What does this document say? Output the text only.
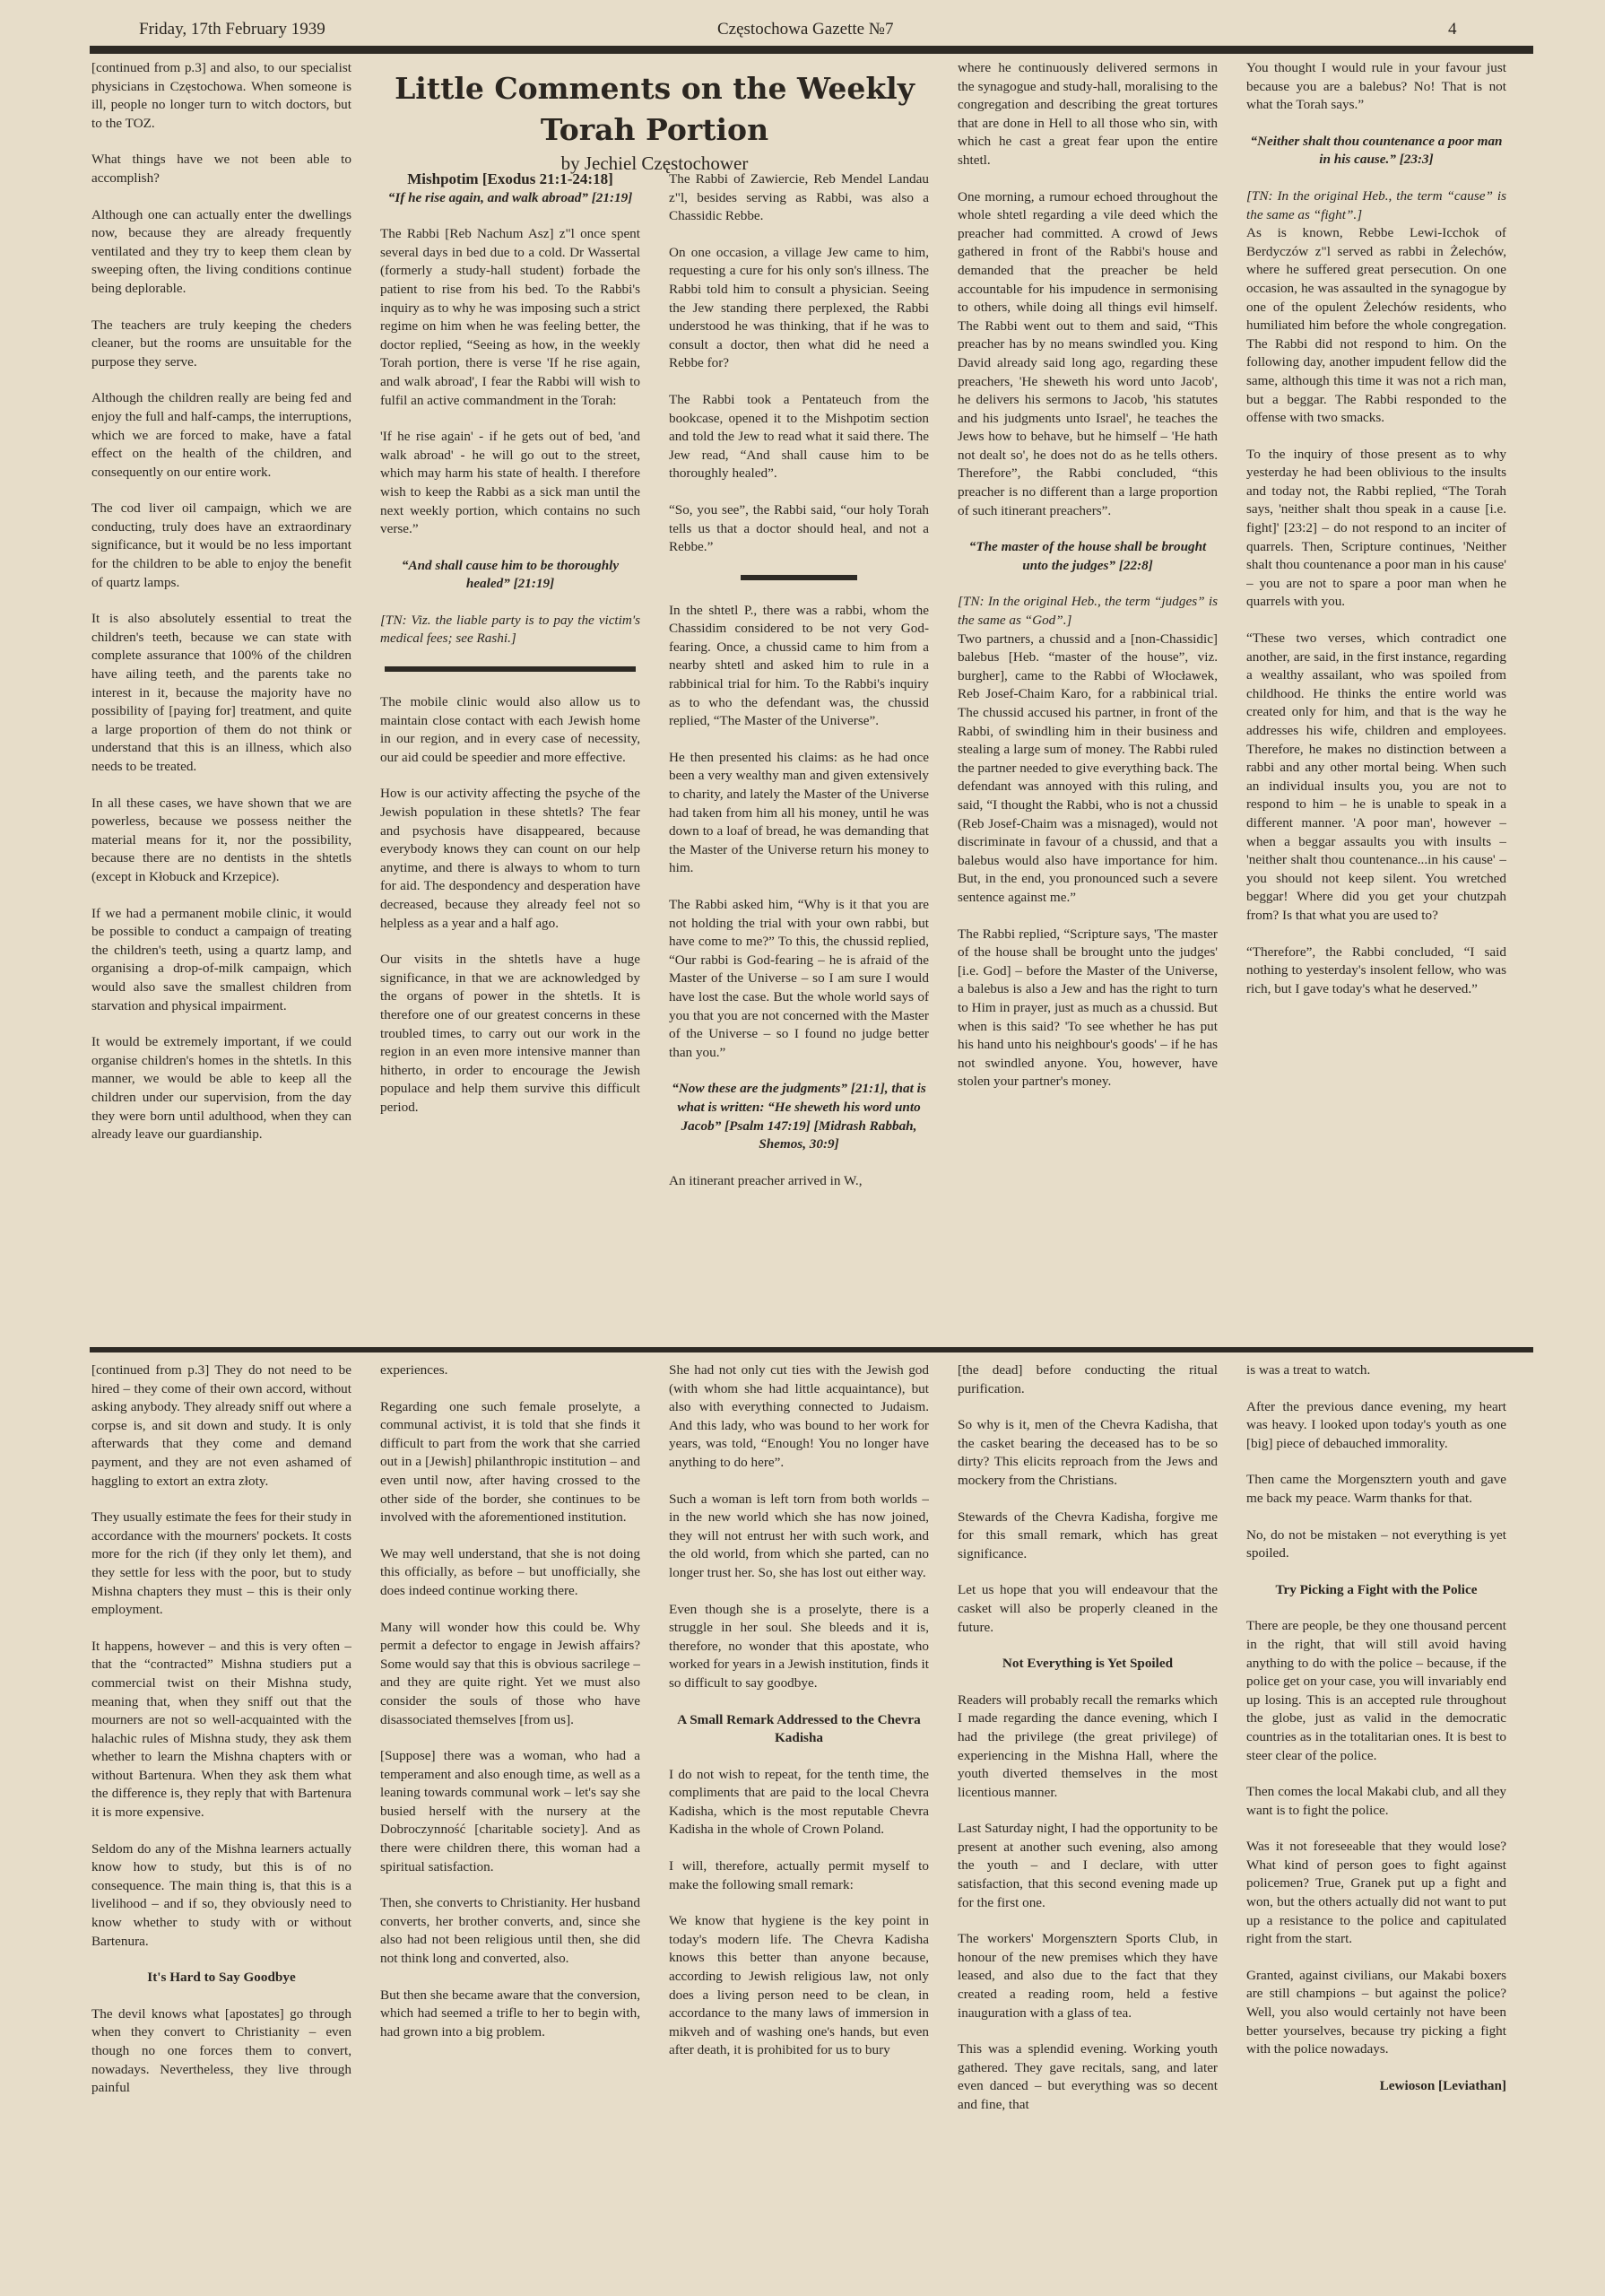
Friday, 17th February 1939	Częstochowa Gazette №7	4

[continued from p.3] and also, to our specialist physicians in Częstochowa. When someone is ill, people no longer turn to witch doctors, but to the TOZ.

What things have we not been able to accomplish?

Although one can actually enter the dwellings now, because they are already frequently ventilated and they try to keep them clean by sweeping often, the living conditions continue being deplorable.

The teachers are truly keeping the cheders cleaner, but the rooms are unsuitable for the purpose they serve.

Although the children really are being fed and enjoy the full and half-camps, the interruptions, which we are forced to make, have a fatal effect on the health of the children, and consequently on our entire work.

The cod liver oil campaign, which we are conducting, truly does have an extraordinary significance, but it would be no less important for the children to be able to enjoy the benefit of quartz lamps.

It is also absolutely essential to treat the children's teeth, because we can state with complete assurance that 100% of the children have ailing teeth, and the parents take no interest in it, because the majority have no possibility of [paying for] treatment, and quite a large proportion of them do not think or understand that this is an illness, which also needs to be treated.

In all these cases, we have shown that we are powerless, because we possess neither the material means for it, nor the possibility, because there are no dentists in the shtetls (except in Kłobuck and Krzepice).

If we had a permanent mobile clinic, it would be possible to conduct a campaign of treating the children's teeth, using a quartz lamp, and organising a drop-of-milk campaign, which would also save the smallest children from starvation and physical impairment.

It would be extremely important, if we could organise children's homes in the shtetls. In this manner, we would be able to keep all the children under our supervision, from the day they were born until adulthood, when they can already leave our guardianship.

Little Comments on the Weekly Torah Portion
by Jechiel Częstochower
Mishpotim [Exodus 21:1-24:18]

“If he rise again, and walk abroad” [21:19]

The Rabbi [Reb Nachum Asz] z"l once spent several days in bed due to a cold. Dr Wassertal (formerly a study-hall student) forbade the patient to rise from his bed. To the Rabbi's inquiry as to why he was imposing such a strict regime on him when he was feeling better, the doctor replied, “Seeing as how, in the weekly Torah portion, there is verse 'If he rise again, and walk abroad', I fear the Rabbi will wish to fulfil an active commandment in the Torah:

'If he rise again' - if he gets out of bed, 'and walk abroad' - he will go out to the street, which may harm his state of health. I therefore wish to keep the Rabbi as a sick man until the next weekly portion, which contains no such verse.”

“And shall cause him to be thoroughly healed” [21:19]

[TN: Viz. the liable party is to pay the victim's medical fees; see Rashi.]

The mobile clinic would also allow us to maintain close contact with each Jewish home in our region, and in every case of necessity, our aid could be speedier and more effective.

How is our activity affecting the psyche of the Jewish population in these shtetls? The fear and psychosis have disappeared, because everybody knows they can count on our help anytime, and there is always to whom to turn for aid. The despondency and desperation have decreased, because they already feel not so helpless as a year and a half ago.

Our visits in the shtetls have a huge significance, in that we are acknowledged by the organs of power in the shtetls. It is therefore one of our greatest concerns in these troubled times, to carry out our work in the region in an even more intensive manner than hitherto, in order to encourage the Jewish populace and help them survive this difficult period.

The Rabbi of Zawiercie, Reb Mendel Landau z"l, besides serving as Rabbi, was also a Chassidic Rebbe.

On one occasion, a village Jew came to him, requesting a cure for his only son's illness. The Rabbi told him to consult a physician. Seeing the Jew standing there perplexed, the Rabbi understood he was thinking, that if he was to consult a doctor, then what did he need a Rebbe for?

The Rabbi took a Pentateuch from the bookcase, opened it to the Mishpotim section and told the Jew to read what it said there. The Jew read, “And shall cause him to be thoroughly healed”.

“So, you see”, the Rabbi said, “our holy Torah tells us that a doctor should heal, and not a Rebbe.”

In the shtetl P., there was a rabbi, whom the Chassidim considered to be not very God-fearing. Once, a chussid came to him from a nearby shtetl and asked him to rule in a rabbinical trial for him. To the Rabbi's inquiry as to who the defendant was, the chussid replied, “The Master of the Universe”.

He then presented his claims: as he had once been a very wealthy man and given extensively to charity, and lately the Master of the Universe had taken from him all his money, until he was down to a loaf of bread, he was demanding that the Master of the Universe return his money to him.

The Rabbi asked him, “Why is it that you are not holding the trial with your own rabbi, but have come to me?” To this, the chussid replied, “Our rabbi is God-fearing – he is afraid of the Master of the Universe – so I am sure I would have lost the case. But the whole world says of you that you are not concerned with the Master of the Universe – so I found no judge better than you.”

“Now these are the judgments” [21:1], that is what is written: “He sheweth his word unto Jacob” [Psalm 147:19] [Midrash Rabbah, Shemos, 30:9]

An itinerant preacher arrived in W.,

where he continuously delivered sermons in the synagogue and study-hall, moralising to the congregation and describing the great tortures that are done in Hell to all those who sin, with which he cast a great fear upon the entire shtetl.

One morning, a rumour echoed throughout the whole shtetl regarding a vile deed which the preacher had committed. A crowd of Jews gathered in front of the Rabbi's house and demanded that the preacher be held accountable for his impudence in sermonising to others, while doing all things evil himself. The Rabbi went out to them and said, “This preacher has by no means swindled you. King David already said long ago, regarding these preachers, 'He sheweth his word unto Jacob', he delivers his sermons to Jacob, 'his statutes and his judgments unto Israel', he teaches the Jews how to behave, but he himself – 'He hath not dealt so', he does not do as he tells others. Therefore”, the Rabbi concluded, “this preacher is no different than a large proportion of such itinerant preachers”.

“The master of the house shall be brought unto the judges” [22:8]

[TN: In the original Heb., the term “judges” is the same as “God”.]

Two partners, a chussid and a [non-Chassidic] balebus [Heb. “master of the house”, viz. burgher], came to the Rabbi of Włocławek, Reb Josef-Chaim Karo, for a rabbinical trial. The chussid accused his partner, in front of the Rabbi, of swindling him in their business and stealing a large sum of money. The Rabbi ruled the partner needed to give everything back. The defendant was annoyed with this ruling, and said, “I thought the Rabbi, who is not a chussid (Reb Josef-Chaim was a misnaged), would not discriminate in favour of a chussid, and that a balebus would also have importance for him. But, in the end, you pronounced such a severe sentence against me.”

The Rabbi replied, “Scripture says, 'The master of the house shall be brought unto the judges' [i.e. God] – before the Master of the Universe, a balebus is also a Jew and has the right to turn to Him in prayer, just as much as a chussid. But when is this said? 'To see whether he has put his hand unto his neighbour's goods' – if he has not swindled anyone. You, however, have stolen your partner's money.

You thought I would rule in your favour just because you are a balebus? No! That is not what the Torah says.”

“Neither shalt thou countenance a poor man in his cause.” [23:3]

[TN: In the original Heb., the term “cause” is the same as “fight”.]

As is known, Rebbe Lewi-Icchok of Berdyczów z"l served as rabbi in Żelechów, where he suffered great persecution. On one occasion, he was assaulted in the synagogue by one of the opulent Żelechów residents, who humiliated him before the whole congregation. The Rabbi did not respond to him. On the following day, another impudent fellow did the same, although this time it was not a rich man, but a beggar. The Rabbi responded to the offense with two smacks.

To the inquiry of those present as to why yesterday he had been oblivious to the insults and today not, the Rabbi replied, “The Torah says, 'neither shalt thou speak in a cause [i.e. fight]' [23:2] – do not respond to an inciter of quarrels. Then, Scripture continues, 'Neither shalt thou countenance a poor man in his cause' – you are not to spare a poor man when he quarrels with you.

“These two verses, which contradict one another, are said, in the first instance, regarding a wealthy assailant, who was spoiled from childhood. He thinks the entire world was created only for him, and that is the way he addresses his wife, children and employees. Therefore, he makes no distinction between a rabbi and any other mortal being. When such an individual insults you, you are not to respond to him – he is unable to speak in a different manner. 'A poor man', however – when a beggar assaults you with insults – 'neither shalt thou countenance...in his cause' – you should not keep silent. You wretched beggar! Where did you get your chutzpah from? Is that what you are used to?

“Therefore”, the Rabbi concluded, “I said nothing to yesterday's insolent fellow, who was rich, but I gave today's what he deserved.”

[continued from p.3] They do not need to be hired – they come of their own accord, without asking anybody. They already sniff out where a corpse is, and sit down and study. It is only afterwards that they come and demand payment, and they are not even ashamed of haggling to extort an extra złoty.

They usually estimate the fees for their study in accordance with the mourners' pockets. It costs more for the rich (if they only let them), and they settle for less with the poor, but to study Mishna chapters they must – this is their only employment.

It happens, however – and this is very often – that the “contracted” Mishna studiers put a commercial twist on their Mishna study, meaning that, when they sniff out that the mourners are not so well-acquainted with the halachic rules of Mishna study, they ask them whether to learn the Mishna chapters with or without Bartenura. When they ask them what the difference is, they reply that with Bartenura it is more expensive.

Seldom do any of the Mishna learners actually know how to study, but this is of no consequence. The main thing is, that this is a livelihood – and if so, they obviously need to know whether to study with or without Bartenura.

It's Hard to Say Goodbye

The devil knows what [apostates] go through when they convert to Christianity – even though no one forces them to convert, nowadays. Nevertheless, they live through painful

experiences.

Regarding one such female proselyte, a communal activist, it is told that she finds it difficult to part from the work that she carried out in a [Jewish] philanthropic institution – and even until now, after having crossed to the other side of the border, she continues to be involved with the aforementioned institution.

We may well understand, that she is not doing this officially, as before – but unofficially, she does indeed continue working there.

Many will wonder how this could be. Why permit a defector to engage in Jewish affairs? Some would say that this is obvious sacrilege – and they are quite right. Yet we must also consider the souls of those who have disassociated themselves [from us].

[Suppose] there was a woman, who had a temperament and also enough time, as well as a leaning towards communal work – let's say she busied herself with the nursery at the Dobroczynność [charitable society]. And as there were children there, this woman had a spiritual satisfaction.

Then, she converts to Christianity. Her husband converts, her brother converts, and, since she also had not been religious until then, she did not think long and converted, also.

But then she became aware that the conversion, which had seemed a trifle to her to begin with, had grown into a big problem.

She had not only cut ties with the Jewish god (with whom she had little acquaintance), but also with everything connected to Judaism. And this lady, who was bound to her work for years, was told, “Enough! You no longer have anything to do here”.

Such a woman is left torn from both worlds – in the new world which she has now joined, they will not entrust her with such work, and the old world, from which she parted, can no longer trust her. So, she has lost out either way.

Even though she is a proselyte, there is a struggle in her soul. She bleeds and it is, therefore, no wonder that this apostate, who worked for years in a Jewish institution, finds it so difficult to say goodbye.

A Small Remark Addressed to the Chevra Kadisha

I do not wish to repeat, for the tenth time, the compliments that are paid to the local Chevra Kadisha, which is the most reputable Chevra Kadisha in the whole of Crown Poland.

I will, therefore, actually permit myself to make the following small remark:

We know that hygiene is the key point in today's modern life. The Chevra Kadisha knows this better than anyone because, according to Jewish religious law, not only does a living person need to be clean, in accordance to the many laws of immersion in mikveh and of washing one's hands, but even after death, it is prohibited for us to bury

[the dead] before conducting the ritual purification.

So why is it, men of the Chevra Kadisha, that the casket bearing the deceased has to be so dirty? This elicits reproach from the Jews and mockery from the Christians.

Stewards of the Chevra Kadisha, forgive me for this small remark, which has great significance.

Let us hope that you will endeavour that the casket will also be properly cleaned in the future.

Not Everything is Yet Spoiled

Readers will probably recall the remarks which I made regarding the dance evening, which I had the privilege (the great privilege) of experiencing in the Mishna Hall, where the youth diverted themselves in the most licentious manner.

Last Saturday night, I had the opportunity to be present at another such evening, also among the youth – and I declare, with utter satisfaction, that this second evening made up for the first one.

The workers' Morgensztern Sports Club, in honour of the new premises which they have leased, and also due to the fact that they created a reading room, held a festive inauguration with a glass of tea.

This was a splendid evening. Working youth gathered. They gave recitals, sang, and later even danced – but everything was so decent and fine, that

is was a treat to watch.

After the previous dance evening, my heart was heavy. I looked upon today's youth as one [big] piece of debauched immorality.

Then came the Morgensztern youth and gave me back my peace. Warm thanks for that.

No, do not be mistaken – not everything is yet spoiled.

Try Picking a Fight with the Police

There are people, be they one thousand percent in the right, that will still avoid having anything to do with the police – because, if the police get on your case, you will invariably end up losing. This is an accepted rule throughout the globe, just as valid in the democratic countries as in the totalitarian ones. It is best to steer clear of the police.

Then comes the local Makabi club, and all they want is to fight the police.

Was it not foreseeable that they would lose? What kind of person goes to fight against policemen? True, Granek put up a fight and won, but the others actually did not want to put up a resistance to the police and capitulated right from the start.

Granted, against civilians, our Makabi boxers are still champions – but against the police? Well, you also would certainly not have been better yourselves, because try picking a fight with the police nowadays.

Lewioson [Leviathan]
